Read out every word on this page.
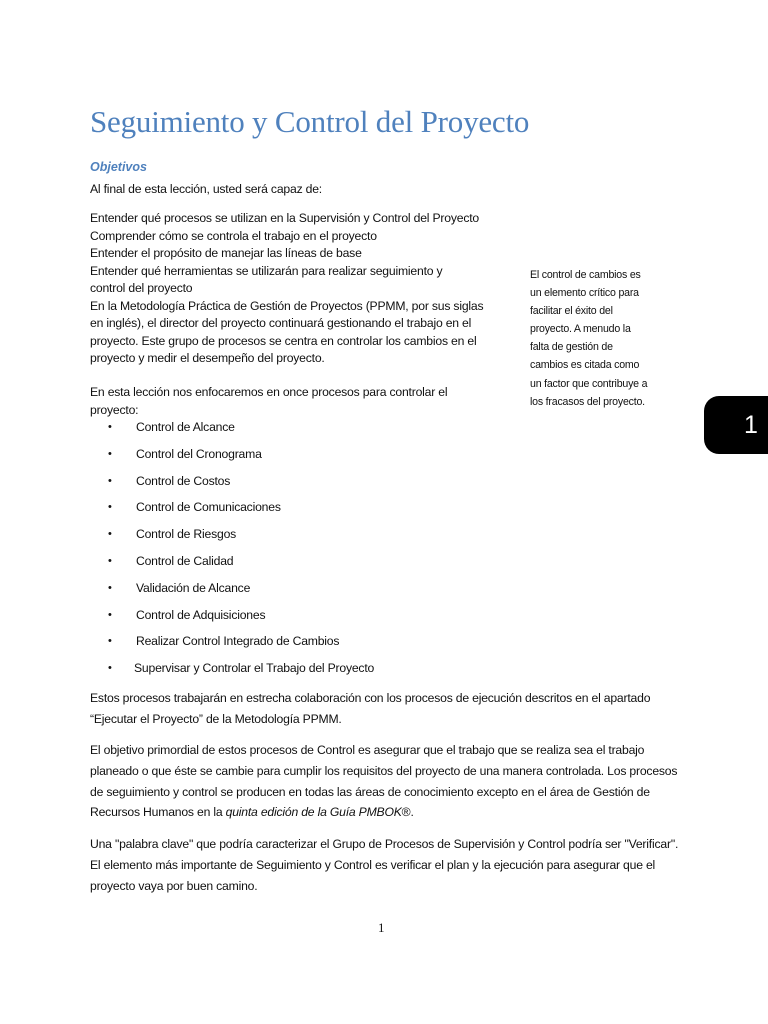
Seguimiento y Control del Proyecto
Objetivos
Al final de esta lección, usted será capaz de:
Entender qué procesos se utilizan en la Supervisión y Control del Proyecto
Comprender cómo se controla el trabajo en el proyecto
Entender el propósito de manejar las líneas de base
Entender qué herramientas se utilizarán para realizar seguimiento y
control del proyecto
En la Metodología Práctica de Gestión de Proyectos (PPMM, por sus siglas
en inglés), el director del proyecto continuará gestionando el trabajo en el
proyecto. Este grupo de procesos se centra en controlar los cambios en el
proyecto y medir el desempeño del proyecto.
En esta lección nos enfocaremos en once procesos para controlar el
proyecto:
El control de cambios es
un elemento crítico para
facilitar el éxito del
proyecto. A menudo la
falta de gestión de
cambios es citada como
un factor que contribuye a
los fracasos del proyecto.
1
• Control de Alcance
• Control del Cronograma
• Control de Costos
• Control de Comunicaciones
• Control de Riesgos
• Control de Calidad
• Validación de Alcance
• Control de Adquisiciones
• Realizar Control Integrado de Cambios
• Supervisar y Controlar el Trabajo del Proyecto
Estos procesos trabajarán en estrecha colaboración con los procesos de ejecución descritos en el apartado “Ejecutar el Proyecto” de la Metodología PPMM.
El objetivo primordial de estos procesos de Control es asegurar que el trabajo que se realiza sea el trabajo planeado o que éste se cambie para cumplir los requisitos del proyecto de una manera controlada. Los procesos de seguimiento y control se producen en todas las áreas de conocimiento excepto en el área de Gestión de Recursos Humanos en la quinta edición de la Guía PMBOK®.
Una "palabra clave" que podría caracterizar el Grupo de Procesos de Supervisión y Control podría ser "Verificar". El elemento más importante de Seguimiento y Control es verificar el plan y la ejecución para asegurar que el proyecto vaya por buen camino.
1
